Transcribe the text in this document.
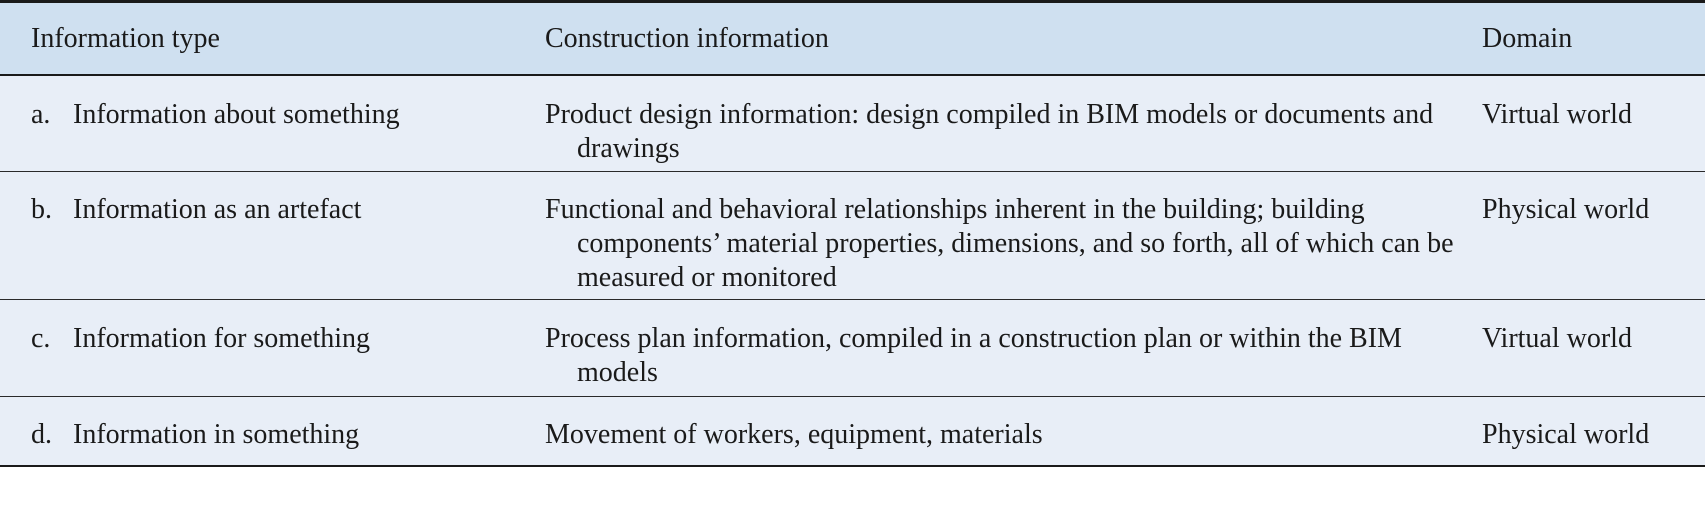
Information type	Construction information	Domain
a. Information about something	Product design information: design compiled in BIM models or documents and drawings	Virtual world
b. Information as an artefact	Functional and behavioral relationships inherent in the building; building components’ material properties, dimensions, and so forth, all of which can be measured or monitored	Physical world
c. Information for something	Process plan information, compiled in a construction plan or within the BIM models	Virtual world
d. Information in something	Movement of workers, equipment, materials	Physical world
